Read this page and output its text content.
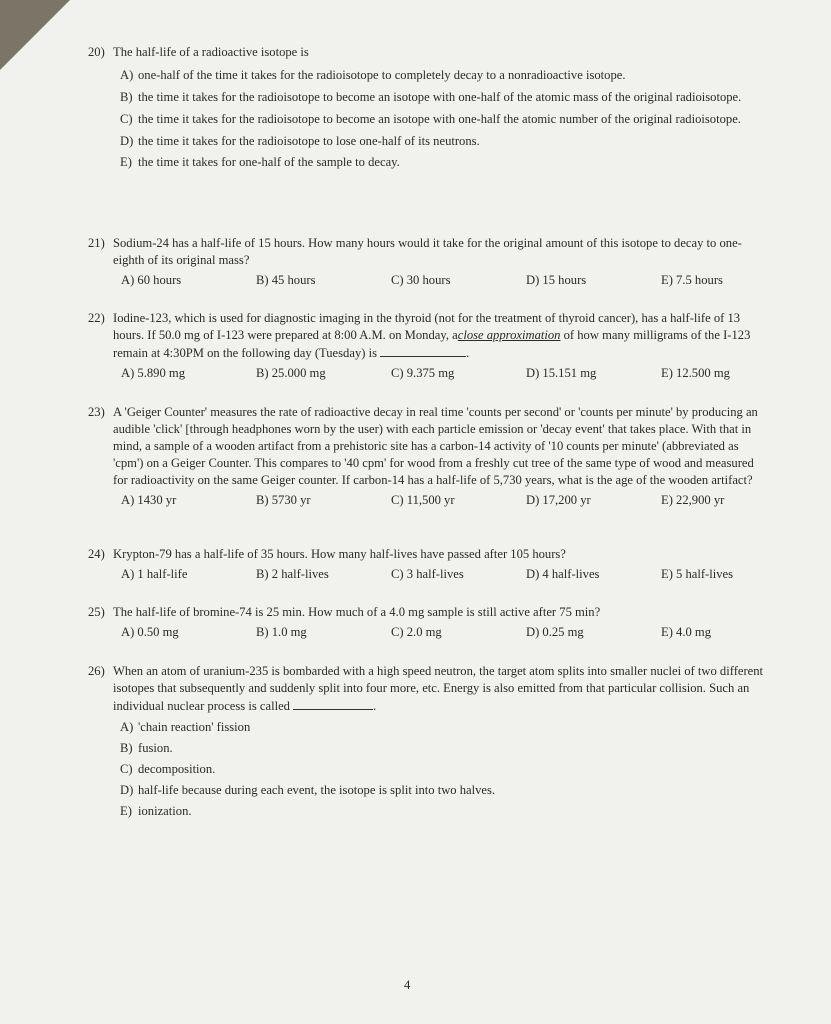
20) The half-life of a radioactive isotope is
A) one-half of the time it takes for the radioisotope to completely decay to a nonradioactive isotope.
B) the time it takes for the radioisotope to become an isotope with one-half of the atomic mass of the original radioisotope.
C) the time it takes for the radioisotope to become an isotope with one-half the atomic number of the original radioisotope.
D) the time it takes for the radioisotope to lose one-half of its neutrons.
E) the time it takes for one-half of the sample to decay.
21) Sodium-24 has a half-life of 15 hours. How many hours would it take for the original amount of this isotope to decay to one-eighth of its original mass?
A) 60 hours	B) 45 hours	C) 30 hours	D) 15 hours	E) 7.5 hours
22) Iodine-123, which is used for diagnostic imaging in the thyroid (not for the treatment of thyroid cancer), has a half-life of 13 hours. If 50.0 mg of I-123 were prepared at 8:00 A.M. on Monday, aclose approximation of how many milligrams of the I-123 remain at 4:30PM on the following day (Tuesday) is	.
A) 5.890 mg	B) 25.000 mg	C) 9.375 mg	D) 15.151 mg	E) 12.500 mg
23) A 'Geiger Counter' measures the rate of radioactive decay in real time 'counts per second' or 'counts per minute' by producing an audible 'click' [through headphones worn by the user) with each particle emission or 'decay event' that takes place. With that in mind, a sample of a wooden artifact from a prehistoric site has a carbon-14 activity of '10 counts per minute' (abbreviated as 'cpm') on a Geiger Counter. This compares to '40 cpm' for wood from a freshly cut tree of the same type of wood and measured for radioactivity on the same Geiger counter. If carbon-14 has a half-life of 5,730 years, what is the age of the wooden artifact?
A) 1430 yr	B) 5730 yr	C) 11,500 yr	D) 17,200 yr	E) 22,900 yr
24) Krypton-79 has a half-life of 35 hours. How many half-lives have passed after 105 hours?
A) 1 half-life	B) 2 half-lives	C) 3 half-lives	D) 4 half-lives	E) 5 half-lives
25) The half-life of bromine-74 is 25 min. How much of a 4.0 mg sample is still active after 75 min?
A) 0.50 mg	B) 1.0 mg	C) 2.0 mg	D) 0.25 mg	E) 4.0 mg
26) When an atom of uranium-235 is bombarded with a high speed neutron, the target atom splits into smaller nuclei of two different isotopes that subsequently and suddenly split into four more, etc. Energy is also emitted from that particular collision. Such an individual nuclear process is called	.
A) 'chain reaction' fission
B) fusion.
C) decomposition.
D) half-life because during each event, the isotope is split into two halves.
E) ionization.
4
